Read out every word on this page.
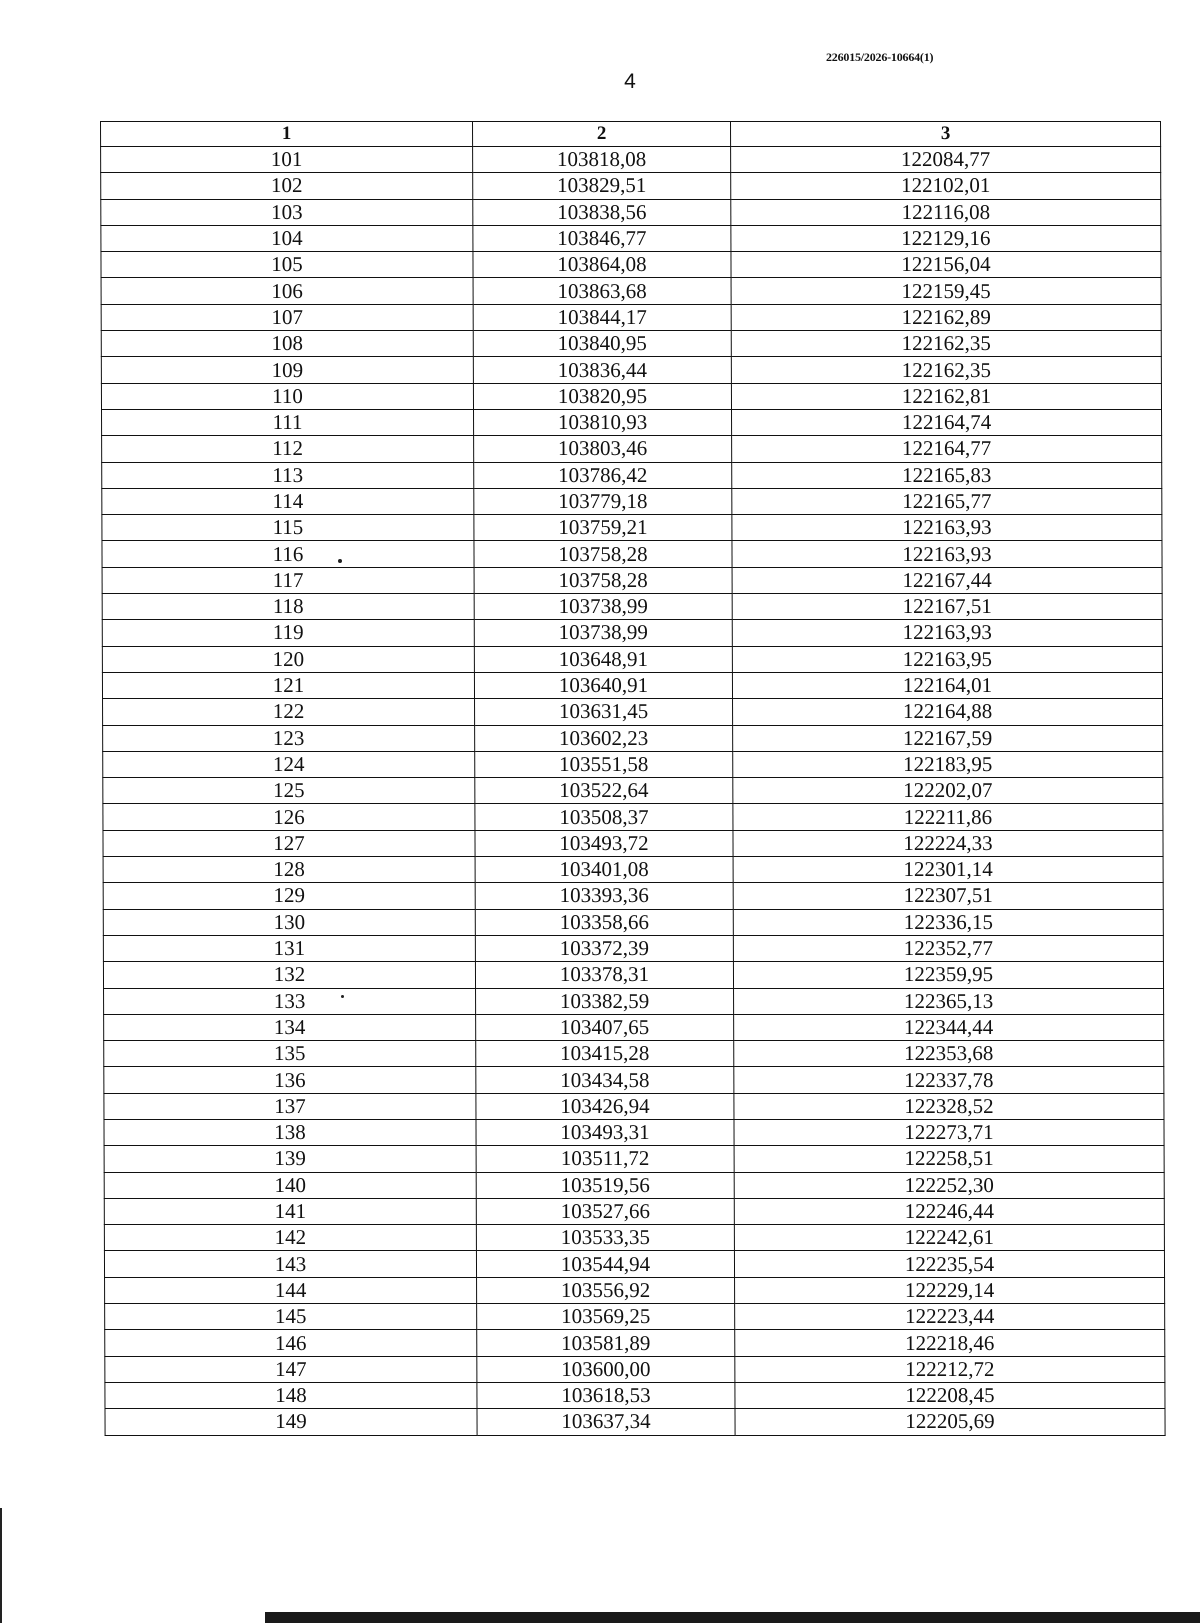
226015/2026-10664(1)
4
1	2	3
101	103818,08	122084,77
102	103829,51	122102,01
103	103838,56	122116,08
104	103846,77	122129,16
105	103864,08	122156,04
106	103863,68	122159,45
107	103844,17	122162,89
108	103840,95	122162,35
109	103836,44	122162,35
110	103820,95	122162,81
111	103810,93	122164,74
112	103803,46	122164,77
113	103786,42	122165,83
114	103779,18	122165,77
115	103759,21	122163,93
116	103758,28	122163,93
117	103758,28	122167,44
118	103738,99	122167,51
119	103738,99	122163,93
120	103648,91	122163,95
121	103640,91	122164,01
122	103631,45	122164,88
123	103602,23	122167,59
124	103551,58	122183,95
125	103522,64	122202,07
126	103508,37	122211,86
127	103493,72	122224,33
128	103401,08	122301,14
129	103393,36	122307,51
130	103358,66	122336,15
131	103372,39	122352,77
132	103378,31	122359,95
133	103382,59	122365,13
134	103407,65	122344,44
135	103415,28	122353,68
136	103434,58	122337,78
137	103426,94	122328,52
138	103493,31	122273,71
139	103511,72	122258,51
140	103519,56	122252,30
141	103527,66	122246,44
142	103533,35	122242,61
143	103544,94	122235,54
144	103556,92	122229,14
145	103569,25	122223,44
146	103581,89	122218,46
147	103600,00	122212,72
148	103618,53	122208,45
149	103637,34	122205,69
